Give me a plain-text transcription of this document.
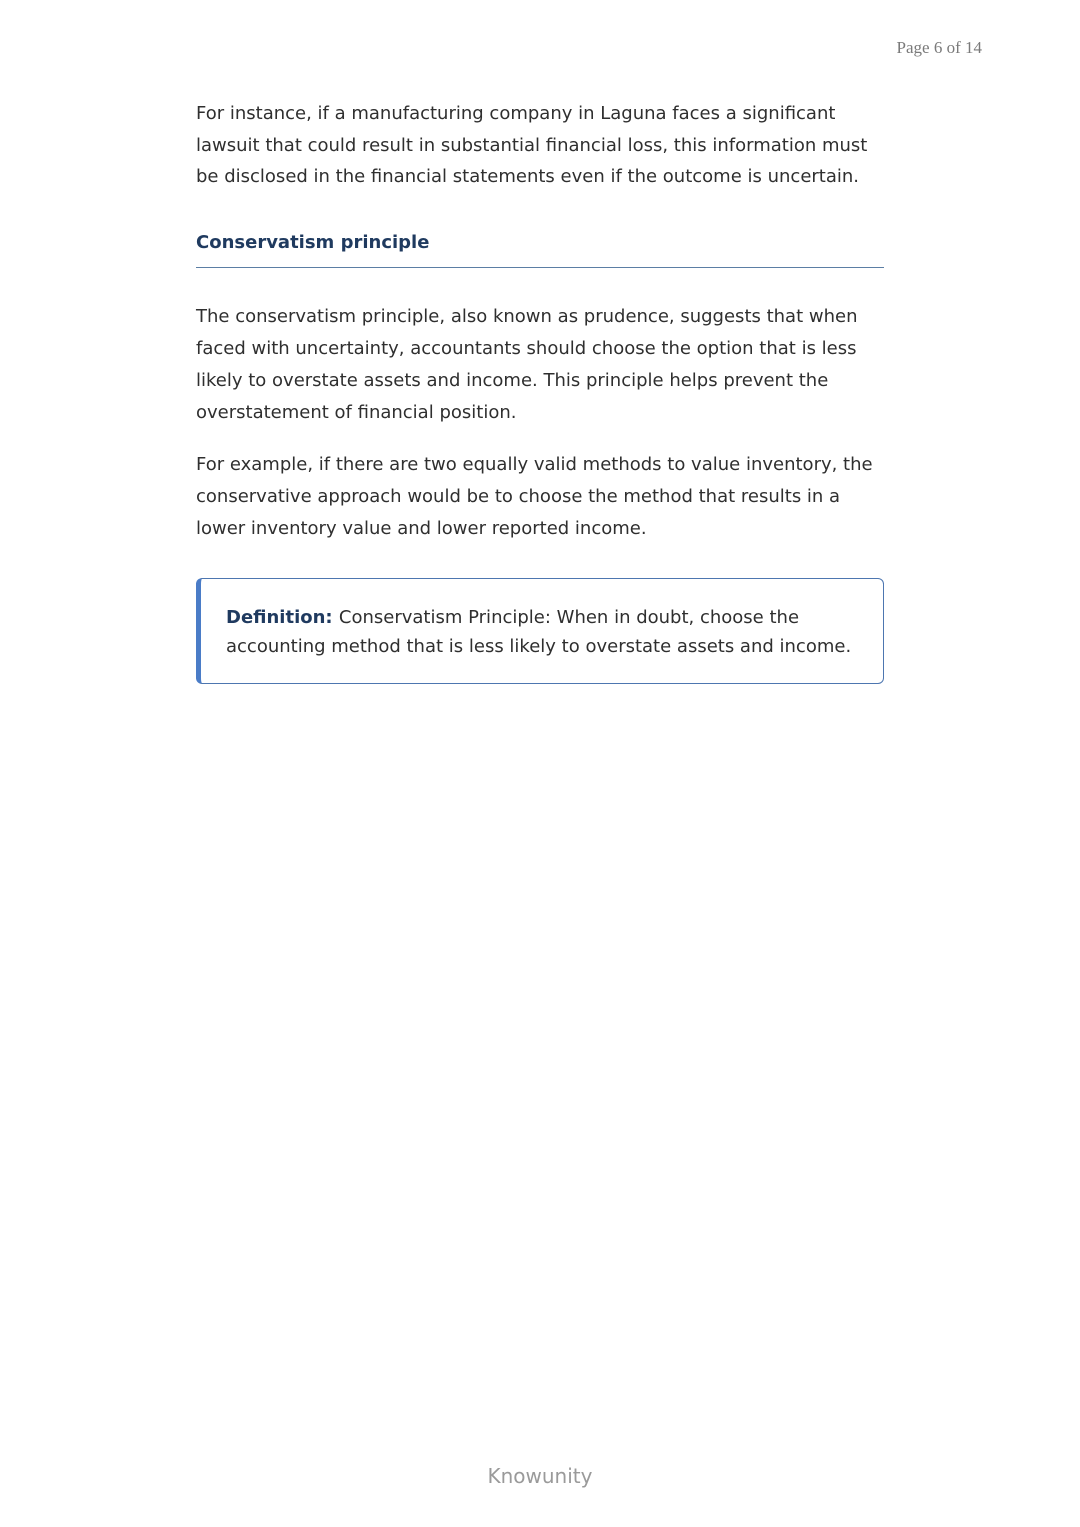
Page 6 of 14

For instance, if a manufacturing company in Laguna faces a significant lawsuit that could result in substantial financial loss, this information must be disclosed in the financial statements even if the outcome is uncertain.

Conservatism principle

The conservatism principle, also known as prudence, suggests that when faced with uncertainty, accountants should choose the option that is less likely to overstate assets and income. This principle helps prevent the overstatement of financial position.

For example, if there are two equally valid methods to value inventory, the conservative approach would be to choose the method that results in a lower inventory value and lower reported income.

Definition: Conservatism Principle: When in doubt, choose the accounting method that is less likely to overstate assets and income.
Knowunity
